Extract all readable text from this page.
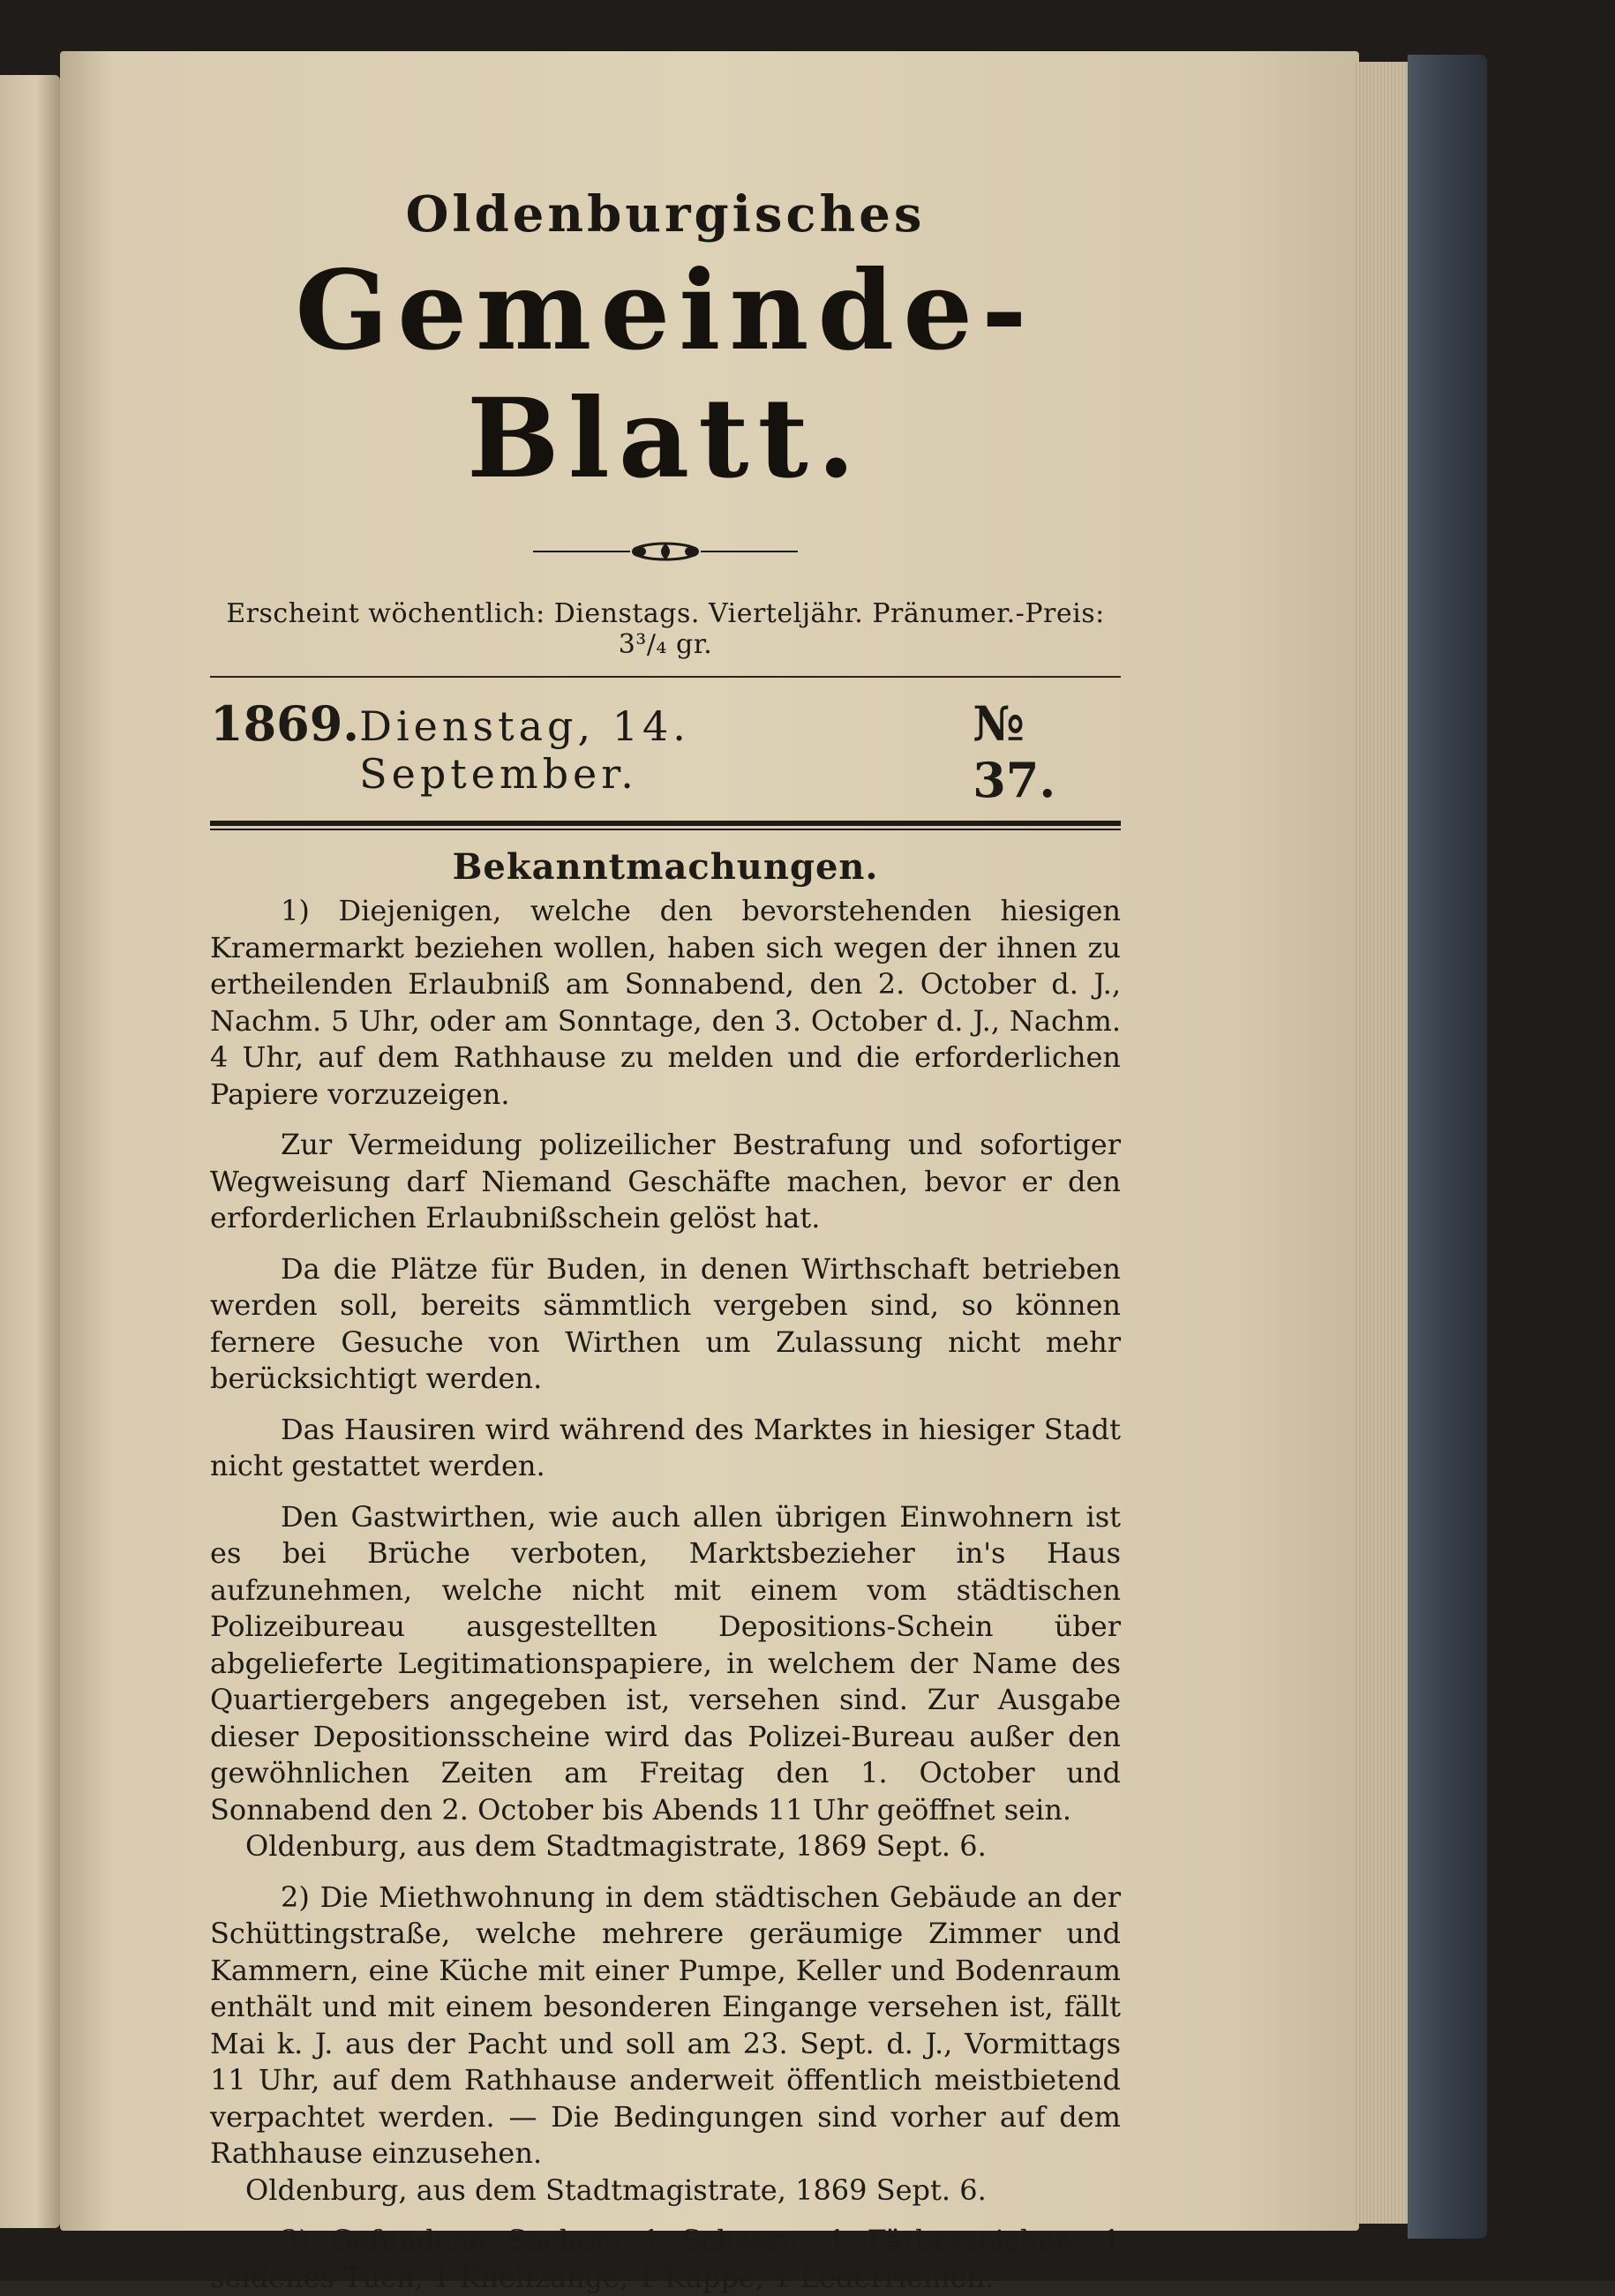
Oldenburgisches
Gemeinde-Blatt.
Erscheint wöchentlich: Dienstags. Vierteljähr. Pränumer.-Preis: 3³/₄ gr.
1869. Dienstag, 14. September.
№ 37.
Bekanntmachungen.

1) Diejenigen, welche den bevorstehenden hiesigen Kramermarkt beziehen wollen, haben sich wegen der ihnen zu ertheilenden Erlaubniß am Sonnabend, den 2. October d. J., Nachm. 5 Uhr, oder am Sonntage, den 3. October d. J., Nachm. 4 Uhr, auf dem Rathhause zu melden und die erforderlichen Papiere vorzuzeigen.

Zur Vermeidung polizeilicher Bestrafung und sofortiger Wegweisung darf Niemand Geschäfte machen, bevor er den erforderlichen Erlaubnißschein gelöst hat.

Da die Plätze für Buden, in denen Wirthschaft betrieben werden soll, bereits sämmtlich vergeben sind, so können fernere Gesuche von Wirthen um Zulassung nicht mehr berücksichtigt werden.

Das Hausiren wird während des Marktes in hiesiger Stadt nicht gestattet werden.

Den Gastwirthen, wie auch allen übrigen Einwohnern ist es bei Brüche verboten, Marktsbezieher in's Haus aufzunehmen, welche nicht mit einem vom städtischen Polizeibureau ausgestellten Depositions-Schein über abgelieferte Legitimationspapiere, in welchem der Name des Quartiergebers angegeben ist, versehen sind. Zur Ausgabe dieser Depositionsscheine wird das Polizei-Bureau außer den gewöhnlichen Zeiten am Freitag den 1. October und Sonnabend den 2. October bis Abends 11 Uhr geöffnet sein.

Oldenburg, aus dem Stadtmagistrate, 1869 Sept. 6.

2) Die Miethwohnung in dem städtischen Gebäude an der Schüttingstraße, welche mehrere geräumige Zimmer und Kammern, eine Küche mit einer Pumpe, Keller und Bodenraum enthält und mit einem besonderen Eingange versehen ist, fällt Mai k. J. aus der Pacht und soll am 23. Sept. d. J., Vormittags 11 Uhr, auf dem Rathhause anderweit öffentlich meistbietend verpachtet werden. — Die Bedingungen sind vorher auf dem Rathhause einzusehen.

Oldenburg, aus dem Stadtmagistrate, 1869 Sept. 6.

3) Gefundene Sachen: 1 Scheere, 1 Färberzeichen, 1 seidenes Tuch, 1 Kneifzange, 1 Kappe, 1 Lederriemen.
